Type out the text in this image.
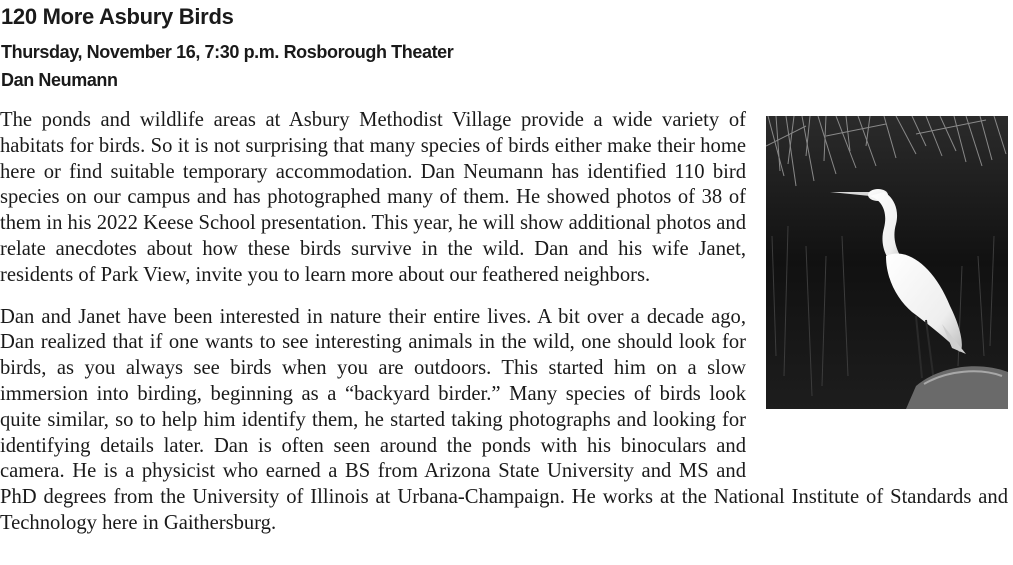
120 More Asbury Birds
Thursday, November 16, 7:30 p.m. Rosborough Theater
Dan Neumann

The ponds and wildlife areas at Asbury Methodist Village provide a wide variety of habitats for birds. So it is not surprising that many species of birds either make their home here or find suitable temporary accommodation. Dan Neumann has identified 110 bird species on our campus and has photographed many of them. He showed photos of 38 of them in his 2022 Keese School presentation. This year, he will show additional photos and relate anecdotes about how these birds survive in the wild. Dan and his wife Janet, residents of Park View, invite you to learn more about our feathered neighbors.

Dan and Janet have been interested in nature their entire lives. A bit over a decade ago, Dan realized that if one wants to see interesting animals in the wild, one should look for birds, as you always see birds when you are outdoors. This started him on a slow immersion into birding, beginning as a “backyard birder.” Many species of birds look quite similar, so to help him identify them, he started taking photographs and looking for identifying details later. Dan is often seen around the ponds with his binoculars and camera. He is a physicist who earned a BS from Arizona State University and MS and PhD degrees from the University of Illinois at Urbana-Champaign. He works at the National Institute of Standards and Technology here in Gaithersburg.
